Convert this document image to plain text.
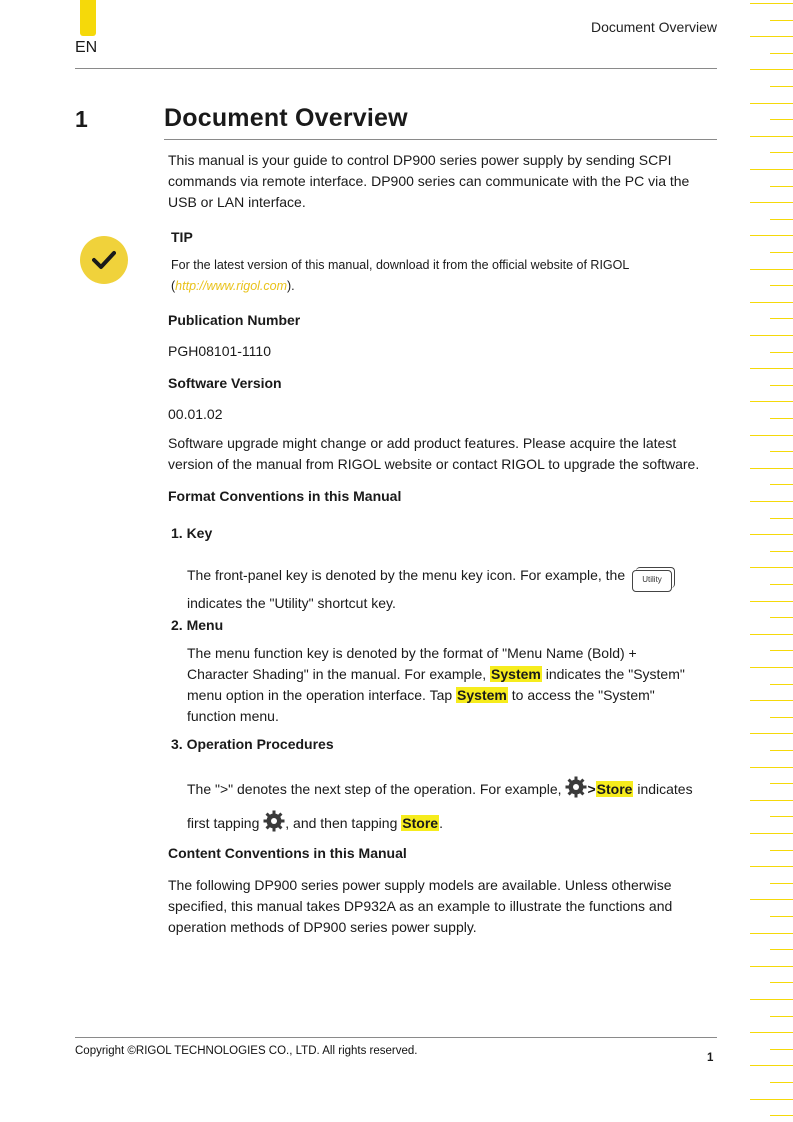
EN
Document Overview
1	Document Overview

This manual is your guide to control DP900 series power supply by sending SCPI commands via remote interface. DP900 series can communicate with the PC via the USB or LAN interface.

TIP

For the latest version of this manual, download it from the official website of RIGOL (http://www.rigol.com).

Publication Number
PGH08101-1110
Software Version
00.01.02

Software upgrade might change or add product features. Please acquire the latest version of the manual from RIGOL website or contact RIGOL to upgrade the software.

Format Conventions in this Manual
1. Key

The front-panel key is denoted by the menu key icon. For example, the Utility
indicates the "Utility" shortcut key.

2. Menu

The menu function key is denoted by the format of "Menu Name (Bold) +
Character Shading" in the manual. For example, System indicates the "System"
menu option in the operation interface. Tap System to access the "System"
function menu.

3. Operation Procedures

The ">" denotes the next step of the operation. For example, >Store indicates
first tapping , and then tapping Store.

Content Conventions in this Manual

The following DP900 series power supply models are available. Unless otherwise specified, this manual takes DP932A as an example to illustrate the functions and operation methods of DP900 series power supply.

Copyright ©RIGOL TECHNOLOGIES CO., LTD. All rights reserved.
1
